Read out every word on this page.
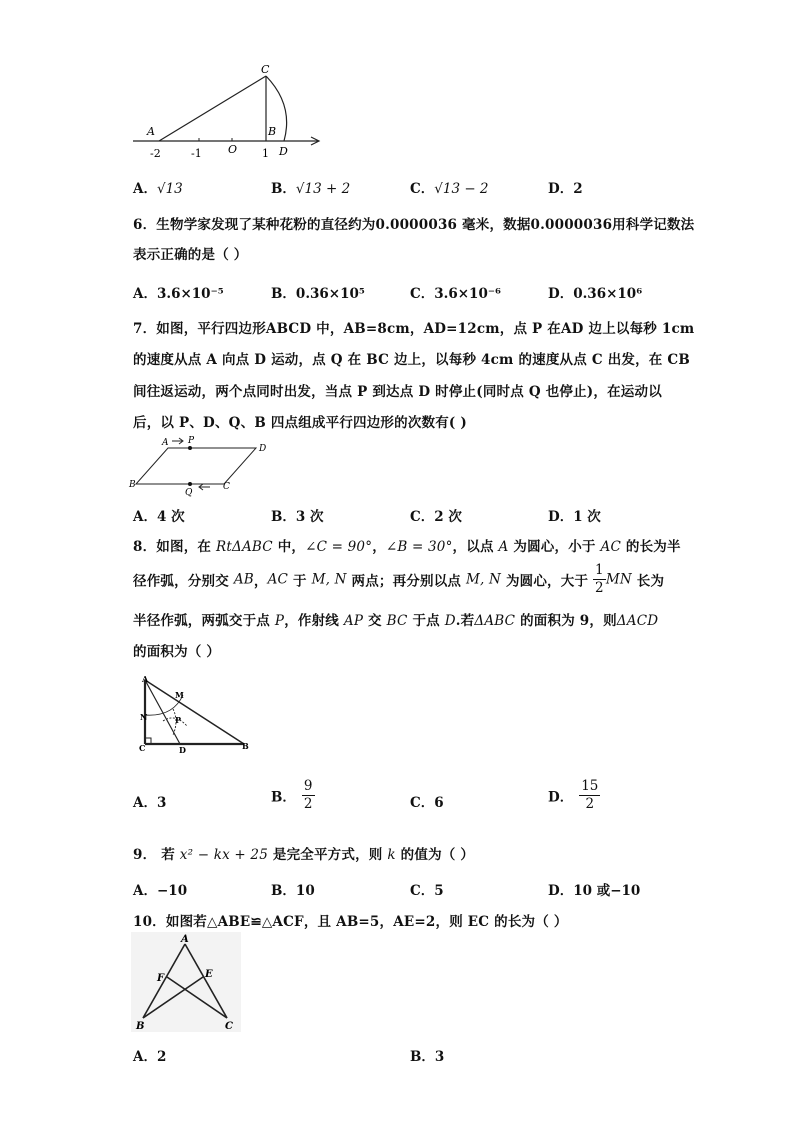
C
A	B
O	D
-2	-1	1
A．√13	B．√13 + 2	C．√13 − 2	D．2
6．生物学家发现了某种花粉的直径约为0.0000036 毫米，数据0.0000036用科学记数法
表示正确的是（ ）
A．3.6×10⁻⁵	B．0.36×10⁵	C．3.6×10⁻⁶	D．0.36×10⁶
7．如图，平行四边形ABCD 中，AB=8cm，AD=12cm，点 P 在AD 边上以每秒 1cm
的速度从点 A 向点 D 运动，点 Q 在 BC 边上，以每秒 4cm 的速度从点 C 出发，在 CB
间往返运动，两个点同时出发，当点 P 到达点 D 时停止(同时点 Q 也停止)，在运动以
后，以 P、D、Q、B 四点组成平行四边形的次数有( )
A P
D
B
Q
C
A．4 次	B．3 次	C．2 次	D．1 次
8．如图，在 RtΔABC 中，∠C = 90°，∠B = 30°，以点 A 为圆心，小于 AC 的长为半
径作弧，分别交 AB，AC 于 M, N 两点；再分别以点 M, N 为圆心，大于 $\frac{1}{2}$ MN 长为
半径作弧，两弧交于点 P，作射线 AP 交 BC 于点 D.若ΔABC 的面积为 9，则ΔACD
的面积为（ ）
A
M
N	P
C	D	B
A．3	B． $\frac{9}{2}$	C．6	D． $\frac{15}{2}$
9． 若 x² − kx + 25 是完全平方式，则 k 的值为（ ）
A．−10	B．10	C．5	D．10 或−10
10．如图若△ABE≌△ACF，且 AB=5，AE=2，则 EC 的长为（ ）
A
F	E
B	C
A．2	B．3
